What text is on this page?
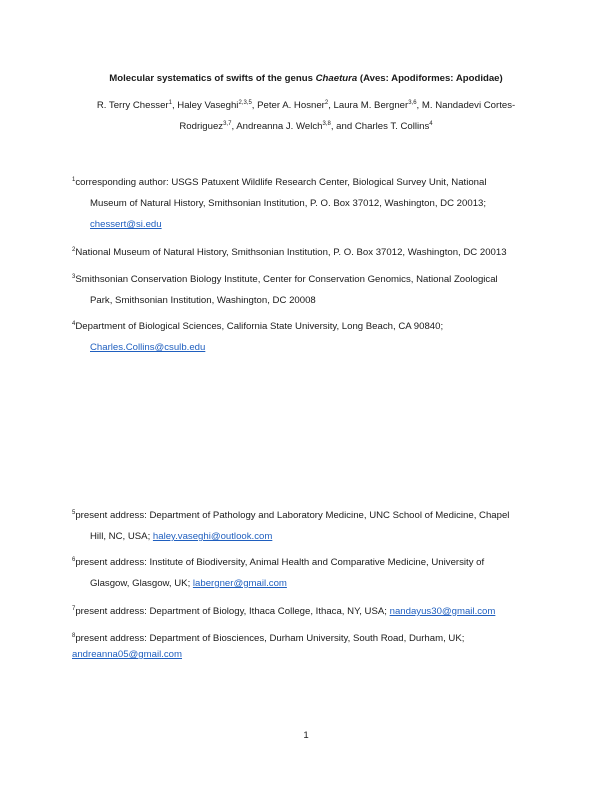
Molecular systematics of swifts of the genus Chaetura (Aves: Apodiformes: Apodidae)
R. Terry Chesser$^1$, Haley Vaseghi$^{2,3,5}$, Peter A. Hosner$^2$, Laura M. Bergner$^{3,6}$, M. Nandadevi Cortes-
Rodriguez$^{3,7}$, Andreanna J. Welch$^{3,8}$, and Charles T. Collins$^4$
$^1$corresponding author: USGS Patuxent Wildlife Research Center, Biological Survey Unit, National
Museum of Natural History, Smithsonian Institution, P. O. Box 37012, Washington, DC 20013;
chessert@si.edu
$^2$National Museum of Natural History, Smithsonian Institution, P. O. Box 37012, Washington, DC 20013
$^3$Smithsonian Conservation Biology Institute, Center for Conservation Genomics, National Zoological
Park, Smithsonian Institution, Washington, DC 20008
$^4$Department of Biological Sciences, California State University, Long Beach, CA 90840;
Charles.Collins@csulb.edu
$^5$present address: Department of Pathology and Laboratory Medicine, UNC School of Medicine, Chapel
Hill, NC, USA; haley.vaseghi@outlook.com
$^6$present address: Institute of Biodiversity, Animal Health and Comparative Medicine, University of
Glasgow, Glasgow, UK; labergner@gmail.com
$^7$present address: Department of Biology, Ithaca College, Ithaca, NY, USA; nandayus30@gmail.com
$^8$present address: Department of Biosciences, Durham University, South Road, Durham, UK;
andreanna05@gmail.com
1
